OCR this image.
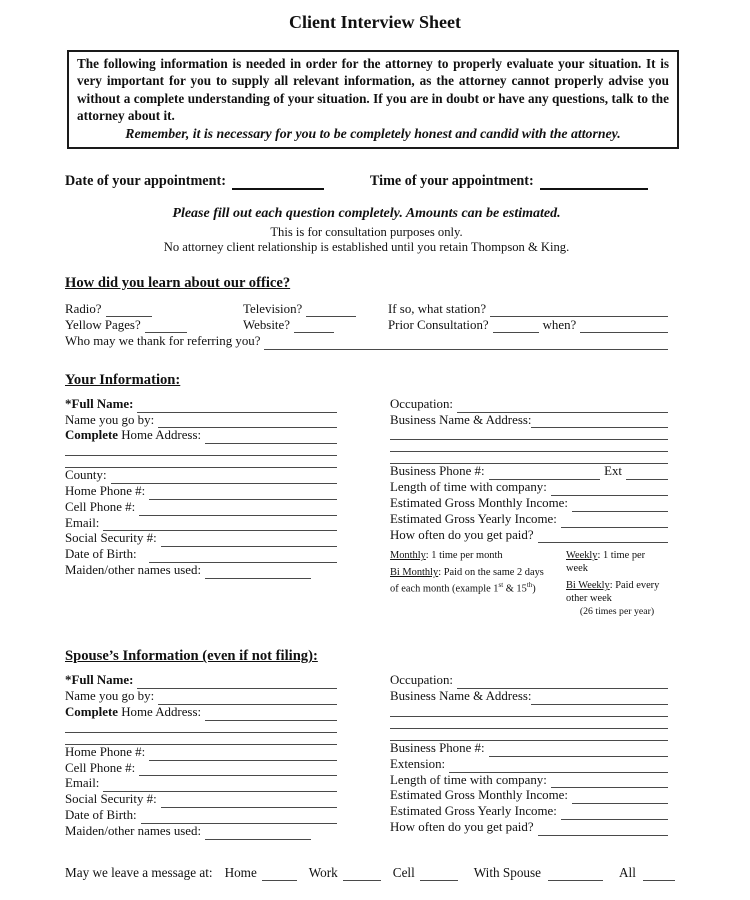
Client Interview Sheet

The following information is needed in order for the attorney to properly evaluate your situation. It is very important for you to supply all relevant information, as the attorney cannot properly advise you without a complete understanding of your situation. If you are in doubt or have any questions, talk to the attorney about it.

Remember, it is necessary for you to be completely honest and candid with the attorney.

Date of your appointment:	Time of your appointment:

Please fill out each question completely. Amounts can be estimated.

This is for consultation purposes only.

No attorney client relationship is established until you retain Thompson & King.

How did you learn about our office?
Radio?	Television?	If so, what station?
Yellow Pages?	Website?	Prior Consultation?	when?
Who may we thank for referring you?
Your Information:
*Full Name:
Name you go by:
Complete Home Address:
County:
Home Phone #:
Cell Phone #:
Email:
Social Security #:
Date of Birth:
Maiden/other names used:
Occupation:
Business Name & Address:
Business Phone #:	Ext
Length of time with company:
Estimated Gross Monthly Income:
Estimated Gross Yearly Income:
How often do you get paid?
Monthly: 1 time per month
Bi Monthly: Paid on the same 2 days
of each month (example 1st & 15th)
Weekly: 1 time per week
Bi Weekly: Paid every other week
(26 times per year)
Spouse’s Information (even if not filing):
*Full Name:
Name you go by:
Complete Home Address:
Home Phone #:
Cell Phone #:
Email:
Social Security #:
Date of Birth:
Maiden/other names used:
Occupation:
Business Name & Address:
Business Phone #:
Extension:
Length of time with company:
Estimated Gross Monthly Income:
Estimated Gross Yearly Income:
How often do you get paid?
May we leave a message at: Home	Work	Cell	With Spouse	All
